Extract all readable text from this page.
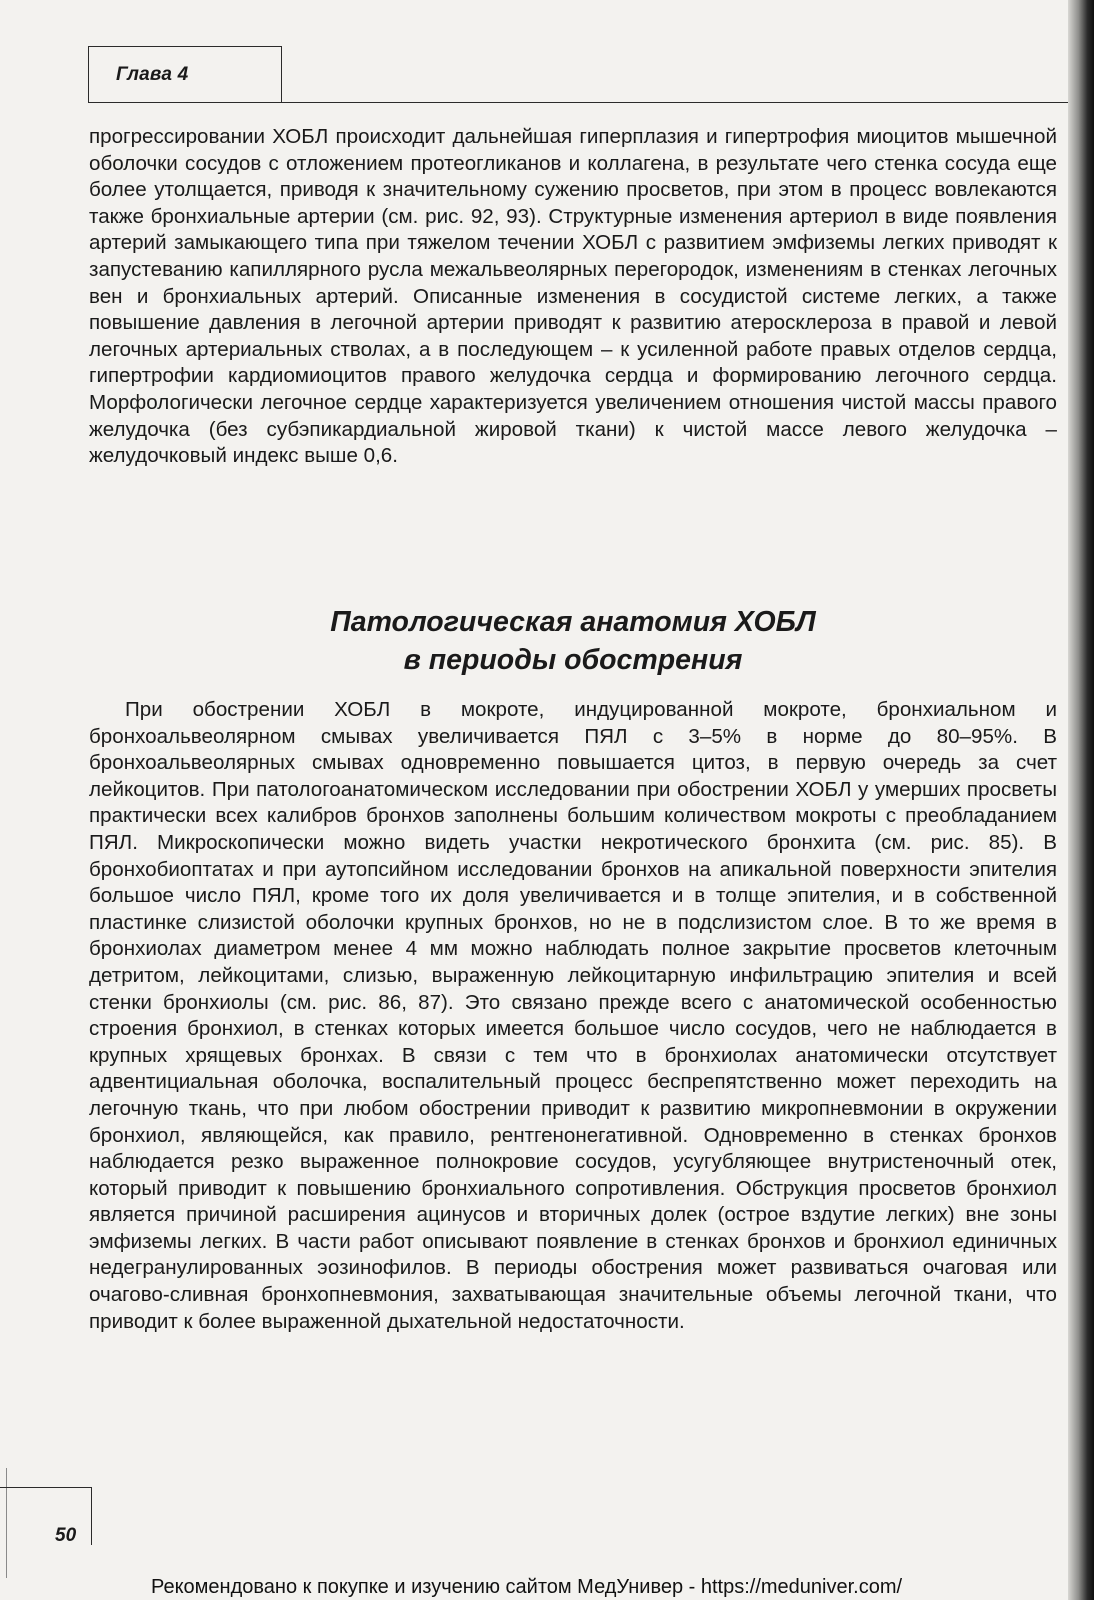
Глава 4

прогрессировании ХОБЛ происходит дальнейшая гиперплазия и гипертрофия миоцитов мышечной оболочки сосудов с отложением протеогликанов и коллагена, в результате чего стенка сосуда еще более утолщается, приводя к значительному сужению просветов, при этом в процесс вовлекаются также бронхиальные артерии (см. рис. 92, 93). Структурные изменения артериол в виде появления артерий замыкающего типа при тяжелом течении ХОБЛ с развитием эмфиземы легких приводят к запустеванию капиллярного русла межальвеолярных перегородок, изменениям в стенках легочных вен и бронхиальных артерий. Описанные изменения в сосудистой системе легких, а также повышение давления в легочной артерии приводят к развитию атеросклероза в правой и левой легочных артериальных стволах, а в последующем – к усиленной работе правых отделов сердца, гипертрофии кардиомиоцитов правого желудочка сердца и формированию легочного сердца. Морфологически легочное сердце характеризуется увеличением отношения чистой массы правого желудочка (без субэпикардиальной жировой ткани) к чистой массе левого желудочка – желудочковый индекс выше 0,6.

Патологическая анатомия ХОБЛ
в периоды обострения

При обострении ХОБЛ в мокроте, индуцированной мокроте, бронхиальном и бронхоальвеолярном смывах увеличивается ПЯЛ с 3–5% в норме до 80–95%. В бронхоальвеолярных смывах одновременно повышается цитоз, в первую очередь за счет лейкоцитов. При патологоанатомическом исследовании при обострении ХОБЛ у умерших просветы практически всех калибров бронхов заполнены большим количеством мокроты с преобладанием ПЯЛ. Микроскопически можно видеть участки некротического бронхита (см. рис. 85). В бронхобиоптатах и при аутопсийном исследовании бронхов на апикальной поверхности эпителия большое число ПЯЛ, кроме того их доля увеличивается и в толще эпителия, и в собственной пластинке слизистой оболочки крупных бронхов, но не в подслизистом слое. В то же время в бронхиолах диаметром менее 4 мм можно наблюдать полное закрытие просветов клеточным детритом, лейкоцитами, слизью, выраженную лейкоцитарную инфильтрацию эпителия и всей стенки бронхиолы (см. рис. 86, 87). Это связано прежде всего с анатомической особенностью строения бронхиол, в стенках которых имеется большое число сосудов, чего не наблюдается в крупных хрящевых бронхах. В связи с тем что в бронхиолах анатомически отсутствует адвентициальная оболочка, воспалительный процесс беспрепятственно может переходить на легочную ткань, что при любом обострении приводит к развитию микропневмонии в окружении бронхиол, являющейся, как правило, рентгенонегативной. Одновременно в стенках бронхов наблюдается резко выраженное полнокровие сосудов, усугубляющее внутристеночный отек, который приводит к повышению бронхиального сопротивления. Обструкция просветов бронхиол является причиной расширения ацинусов и вторичных долек (острое вздутие легких) вне зоны эмфиземы легких. В части работ описывают появление в стенках бронхов и бронхиол единичных недегранулированных эозинофилов. В периоды обострения может развиваться очаговая или очагово-сливная бронхопневмония, захватывающая значительные объемы легочной ткани, что приводит к более выраженной дыхательной недостаточности.

50
Рекомендовано к покупке и изучению сайтом МедУнивер - https://meduniver.com/
